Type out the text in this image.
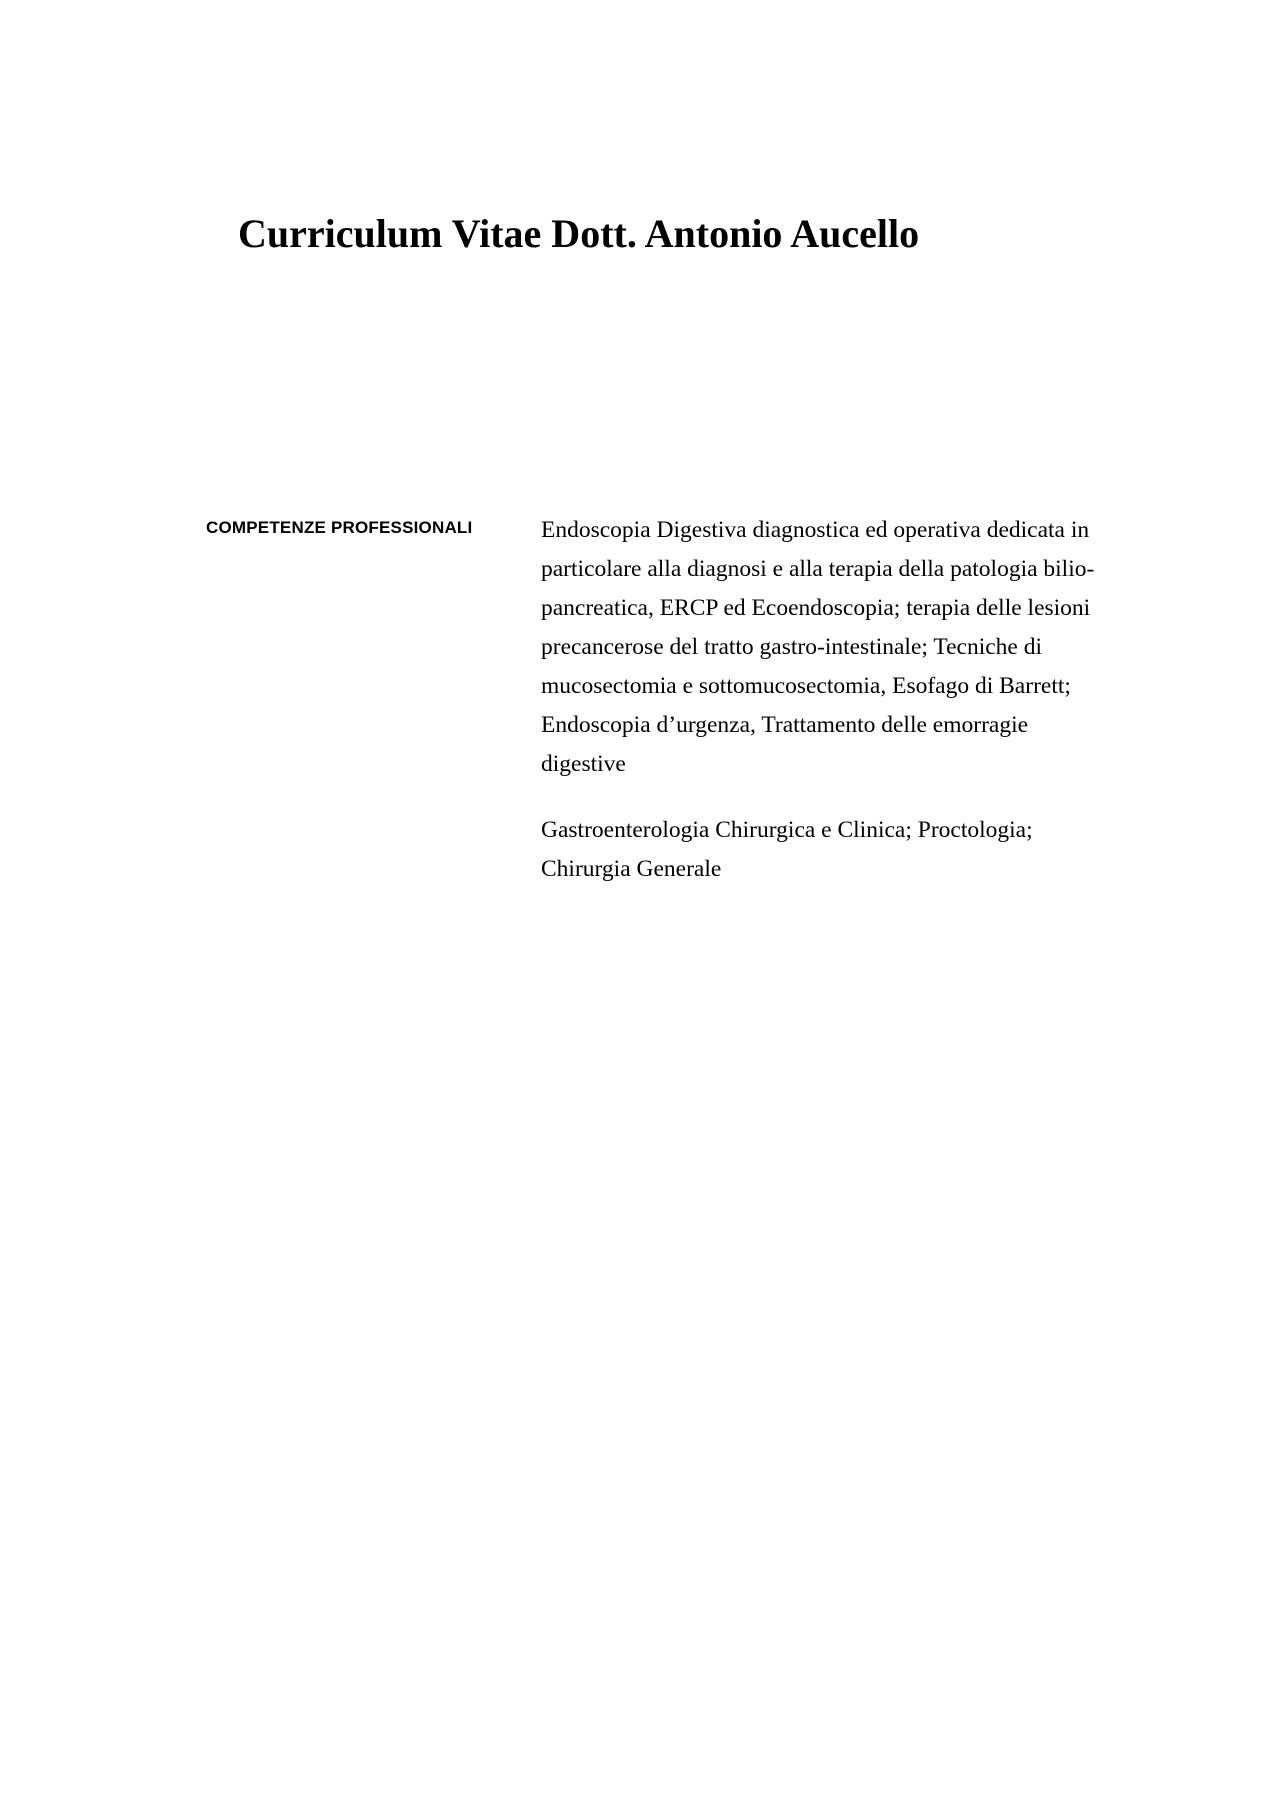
Curriculum Vitae Dott. Antonio Aucello
COMPETENZE PROFESSIONALI	Endoscopia Digestiva diagnostica ed operativa dedicata in particolare alla diagnosi e alla terapia della patologia bilio-pancreatica, ERCP ed Ecoendoscopia; terapia delle lesioni precancerose del tratto gastro-intestinale; Tecniche di mucosectomia e sottomucosectomia, Esofago di Barrett; Endoscopia d’urgenza, Trattamento delle emorragie digestive

Gastroenterologia Chirurgica e Clinica; Proctologia; Chirurgia Generale
